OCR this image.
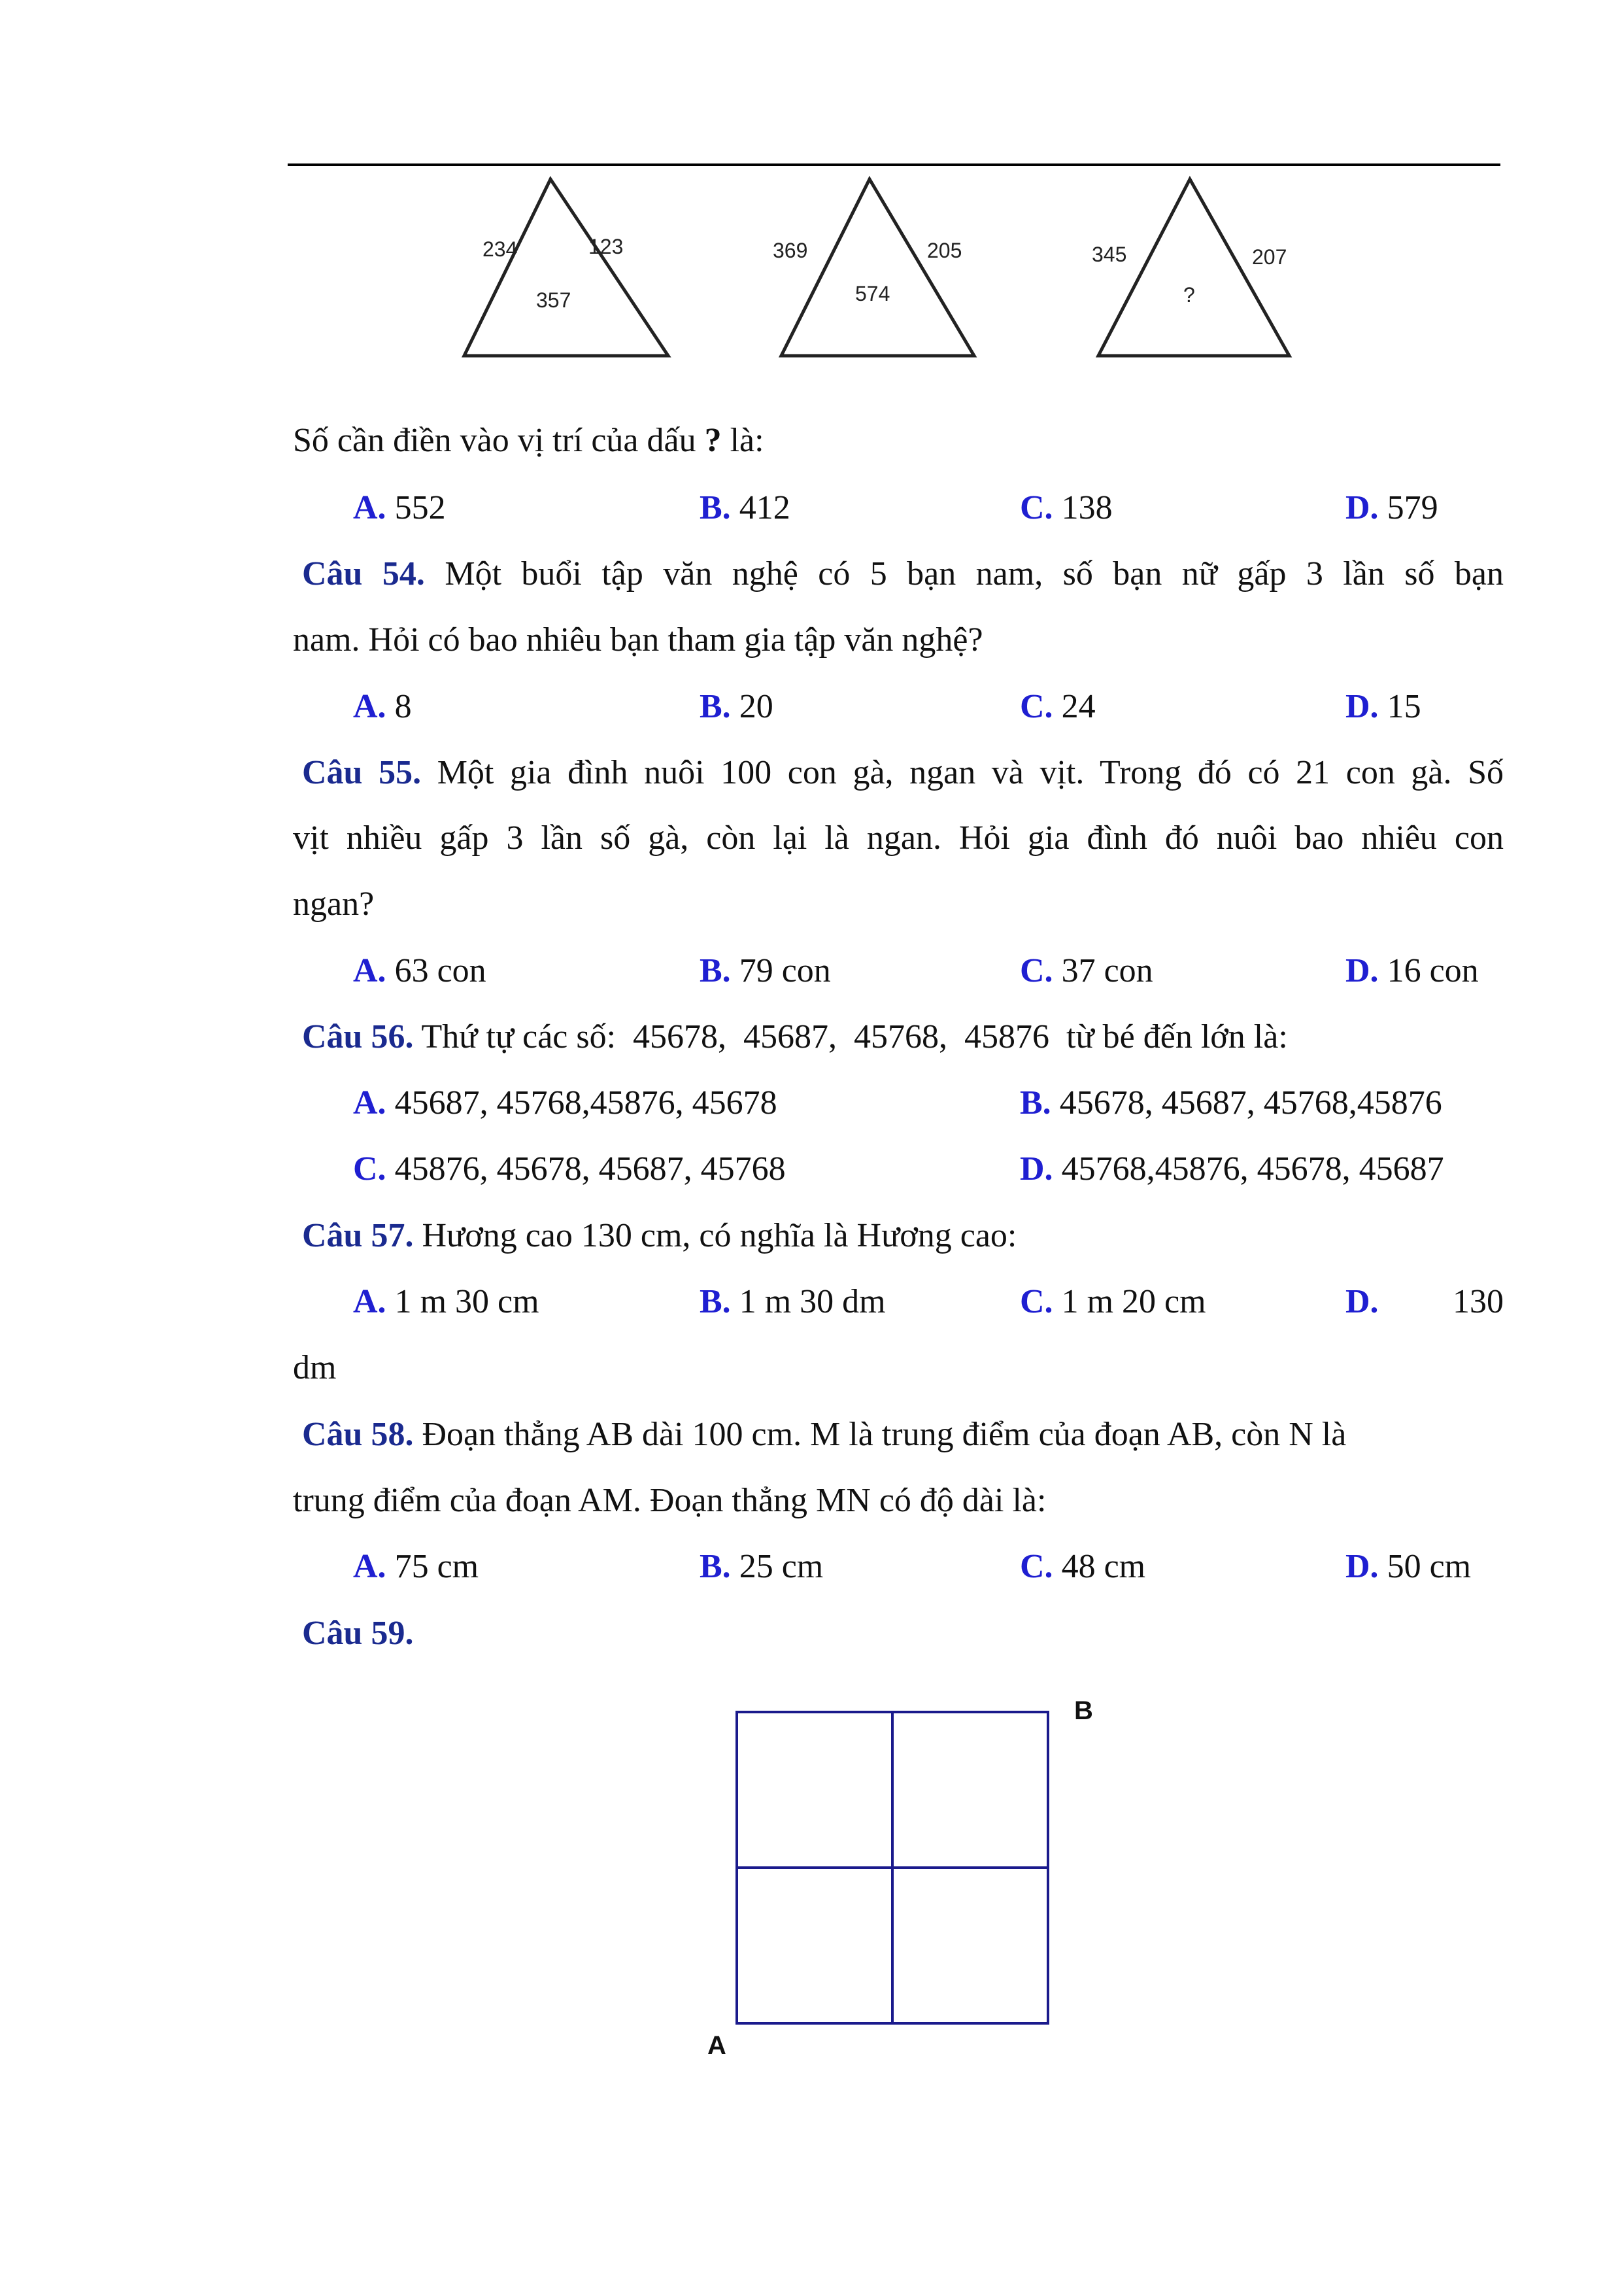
234	123
357
369	205
574
345	207
?
Số cần điền vào vị trí của dấu ? là:
A. 552	B. 412	C. 138	D. 579
Câu 54. Một buổi tập văn nghệ có 5 bạn nam, số bạn nữ gấp 3 lần số bạn
nam. Hỏi có bao nhiêu bạn tham gia tập văn nghệ?
A. 8	B. 20	C. 24	D. 15
Câu 55. Một gia đình nuôi 100 con gà, ngan và vịt. Trong đó có 21 con gà. Số
vịt nhiều gấp 3 lần số gà, còn lại là ngan. Hỏi gia đình đó nuôi bao nhiêu con
ngan?
A. 63 con	B. 79 con	C. 37 con	D. 16 con
Câu 56. Thứ tự các số:  45678,  45687,  45768,  45876  từ bé đến lớn là:
A. 45687, 45768,45876, 45678	B. 45678, 45687, 45768,45876
C. 45876, 45678, 45687, 45768	D. 45768,45876, 45678, 45687
Câu 57. Hương cao 130 cm, có nghĩa là Hương cao:
A. 1 m 30 cm	B. 1 m 30 dm	C. 1 m 20 cm	D. 130
dm
Câu 58. Đoạn thẳng AB dài 100 cm. M là trung điểm của đoạn AB, còn N là
trung điểm của đoạn AM. Đoạn thẳng MN có độ dài là:
A. 75 cm	B. 25 cm	C. 48 cm	D. 50 cm
Câu 59.
B
A
